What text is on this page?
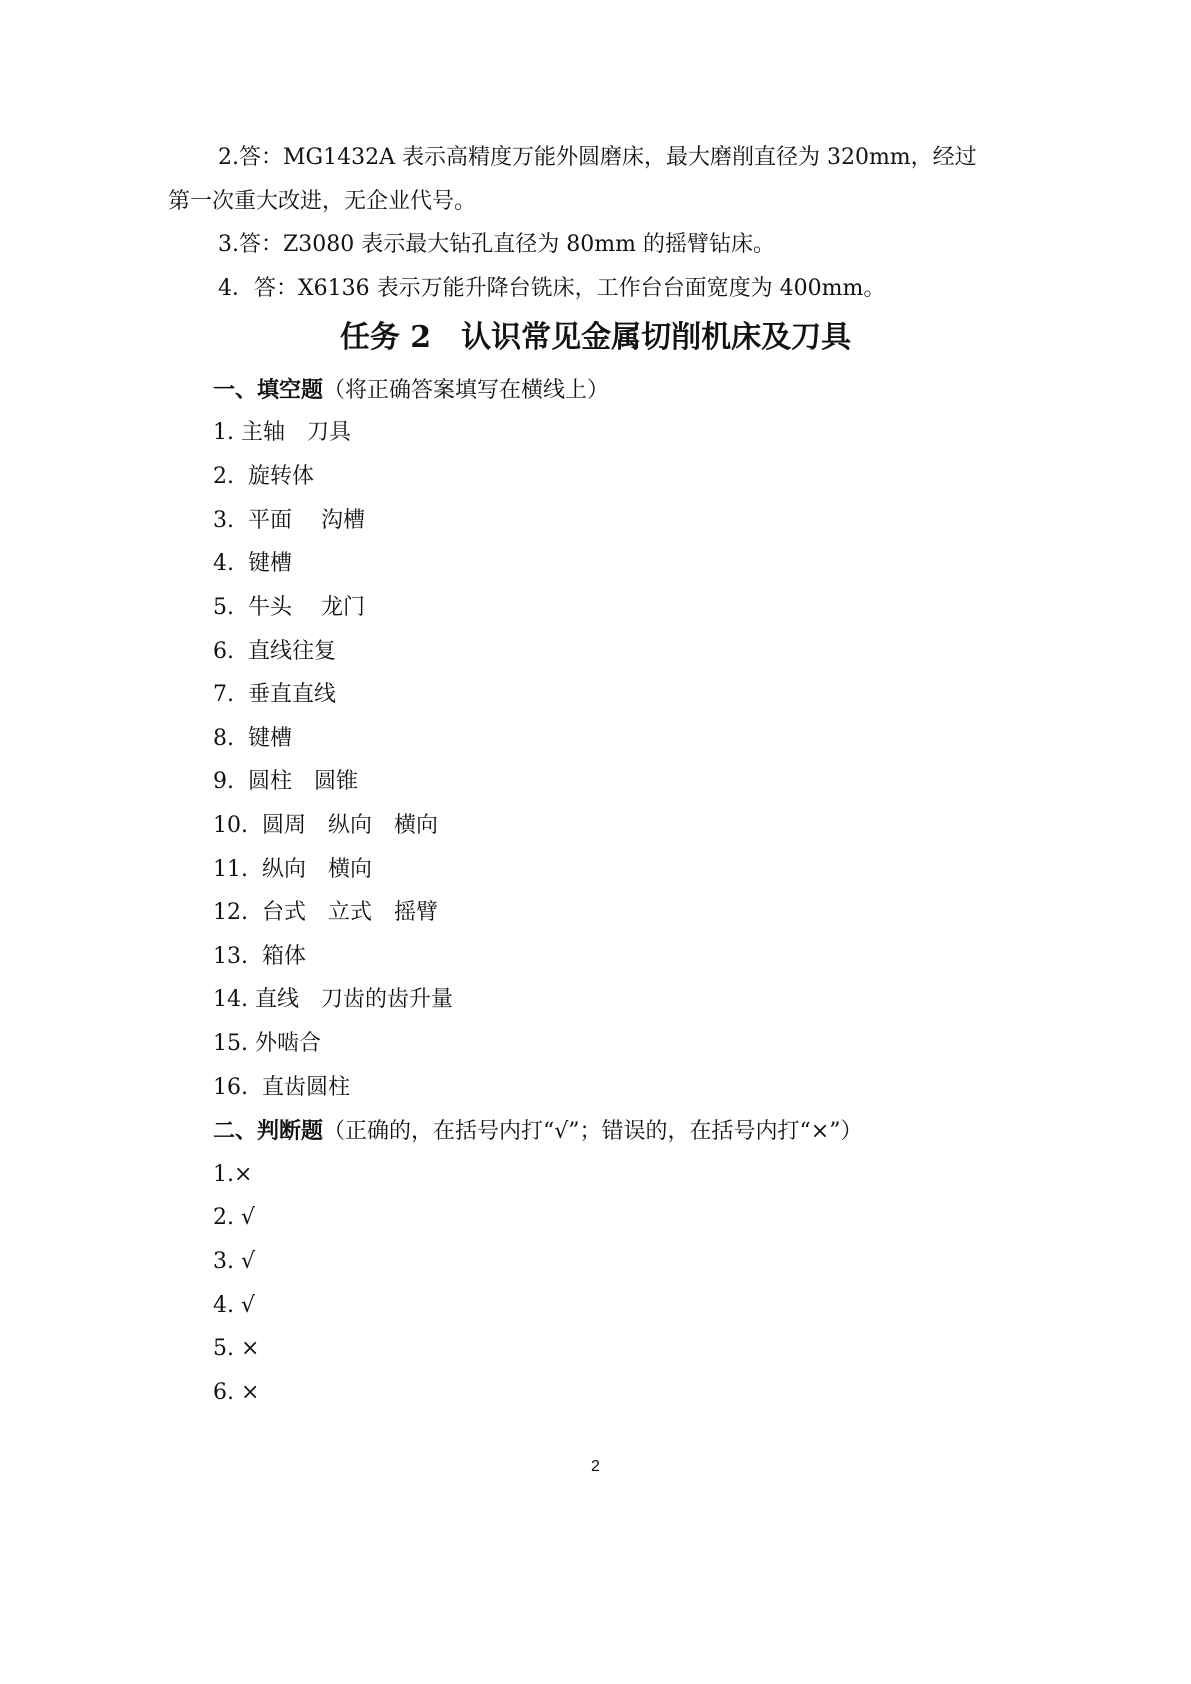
2.答：MG1432A 表示高精度万能外圆磨床，最大磨削直径为 320mm，经过
第一次重大改进，无企业代号。
3.答：Z3080 表示最大钻孔直径为 80mm 的摇臂钻床。
4．答：X6136 表示万能升降台铣床，工作台台面宽度为 400mm。
任务 2　认识常见金属切削机床及刀具
一、填空题（将正确答案填写在横线上）
1. 主轴　刀具
2.  旋转体
3.  平面　 沟槽
4.  键槽
5.  牛头　 龙门
6.  直线往复
7.  垂直直线
8.  键槽
9.  圆柱　圆锥
10.  圆周　纵向　横向
11.  纵向　横向
12.  台式　立式　摇臂
13.  箱体
14. 直线　刀齿的齿升量
15. 外啮合
16.  直齿圆柱
二、判断题（正确的，在括号内打“√”；错误的，在括号内打“×”）
1.×
2. √
3. √
4. √
5. ×
6. ×
2
